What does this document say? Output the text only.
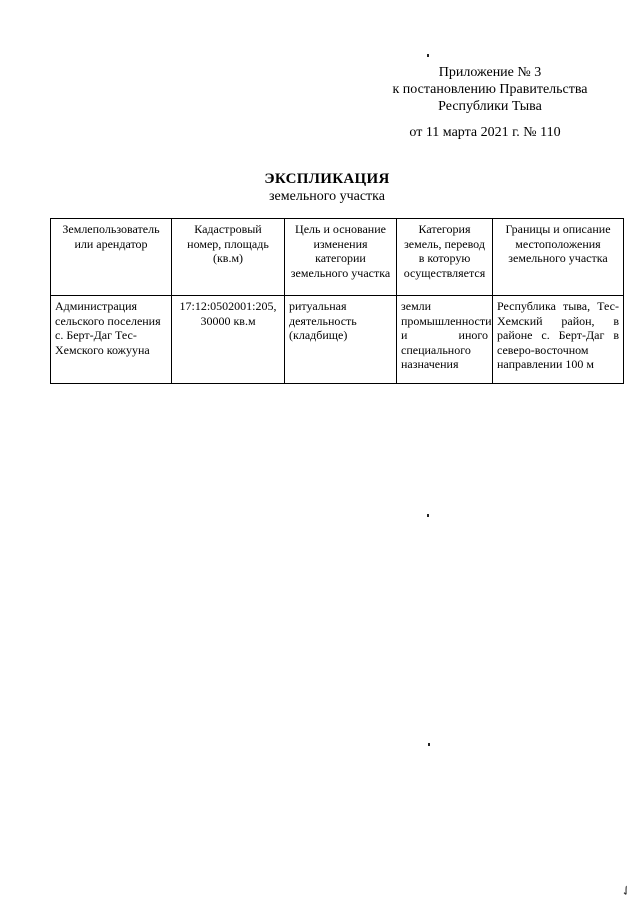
Приложение № 3
к постановлению Правительства
Республики Тыва
от 11 марта 2021 г. № 110
ЭКСПЛИКАЦИЯ
земельного участка
Землепользователь или арендатор	Кадастровый номер, площадь (кв.м)	Цель и основание изменения категории земельного участка	Категория земель, перевод в которую осуществляется	Границы и описание местоположения земельного участка
Администрация сельского поселения с. Берт-Даг Тес-Хемского кожууна	17:12:0502001:205, 30000 кв.м	ритуальная деятельность (кладбище)	земли промышленности и иного специального назначения	Республика тыва, Тес-Хемский район, в районе с. Берт-Даг в северо-восточном направлении 100 м
✓
